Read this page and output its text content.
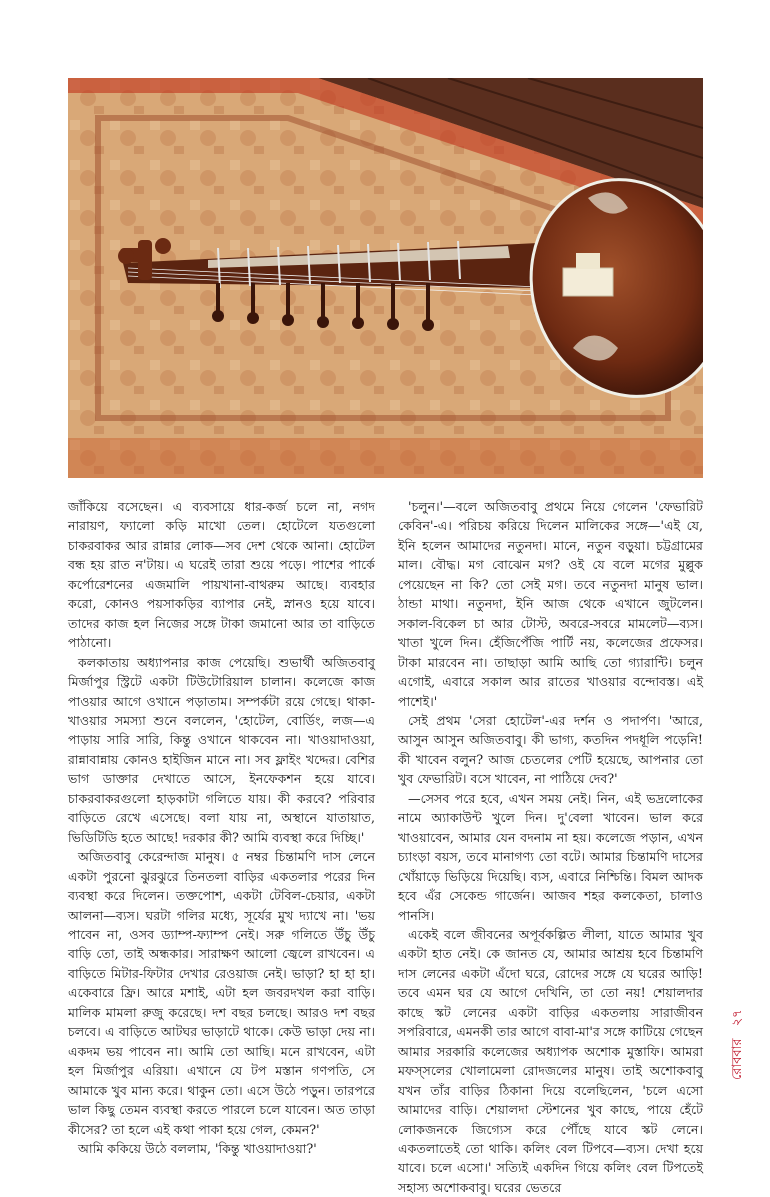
জাঁকিয়ে বসেছেন। এ ব্যবসায়ে ধার-কর্জ চলে না, নগদ নারায়ণ, ফ্যালো কড়ি মাখো তেল। হোটেলে যতগুলো চাকরবাকর আর রান্নার লোক—সব দেশ থেকে আনা। হোটেল বন্ধ হয় রাত ন'টায়। এ ঘরেই তারা শুয়ে পড়ে। পাশের পার্কে কর্পোরেশনের এজমালি পায়খানা-বাথরুম আছে। ব্যবহার করো, কোনও পয়সাকড়ির ব্যাপার নেই, স্নানও হয়ে যাবে। তাদের কাজ হল নিজের সঙ্গে টাকা জমানো আর তা বাড়িতে পাঠানো।

কলকাতায় অধ্যাপনার কাজ পেয়েছি। শুভার্থী অজিতবাবু মির্জাপুর স্ট্রিটে একটা টিউটোরিয়াল চালান। কলেজে কাজ পাওয়ার আগে ওখানে পড়াতাম। সম্পর্কটা রয়ে গেছে। থাকা-খাওয়ার সমস্যা শুনে বললেন, 'হোটেল, বোর্ডিং, লজ—এ পাড়ায় সারি সারি, কিন্তু ওখানে থাকবেন না। খাওয়াদাওয়া, রান্নাবান্নায় কোনও হাইজিন মানে না। সব ফ্লাইং খদ্দের। বেশির ভাগ ডাক্তার দেখাতে আসে, ইনফেকশন হয়ে যাবে। চাকরবাকরগুলো হাড়কাটা গলিতে যায়। কী করবে? পরিবার বাড়িতে রেখে এসেছে। বলা যায় না, অস্থানে যাতায়াত, ভিডিটিডি হতে আছে! দরকার কী? আমি ব্যবস্থা করে দিচ্ছি।'

অজিতবাবু কেরেন্দাজ মানুষ। ৫ নম্বর চিন্তামণি দাস লেনে একটা পুরনো ঝুরঝুরে তিনতলা বাড়ির একতলার পরের দিন ব্যবস্থা করে দিলেন। তক্তপোশ, একটা টেবিল-চেয়ার, একটা আলনা—ব্যস। ঘরটা গলির মধ্যে, সূর্যের মুখ দ্যাখে না। 'ভয় পাবেন না, ওসব ড্যাম্প-ফ্যাম্প নেই। সরু গলিতে উঁচু উঁচু বাড়ি তো, তাই অন্ধকার। সারাক্ষণ আলো জ্বেলে রাখবেন। এ বাড়িতে মিটার-ফিটার দেখার রেওয়াজ নেই। ভাড়া? হা হা হা। একেবারে ফ্রি। আরে মশাই, এটা হল জবরদখল করা বাড়ি। মালিক মামলা রুজু করেছে। দশ বছর চলছে। আরও দশ বছর চলবে। এ বাড়িতে আটঘর ভাড়াটে থাকে। কেউ ভাড়া দেয় না। একদম ভয় পাবেন না। আমি তো আছি। মনে রাখবেন, এটা হল মির্জাপুর এরিয়া। এখানে যে টপ মস্তান গণপতি, সে আমাকে খুব মান্য করে। থাকুন তো। এসে উঠে পড়ুন। তারপরে ভাল কিছু তেমন ব্যবস্থা করতে পারলে চলে যাবেন। অত তাড়া কীসের? তা হলে এই কথা পাকা হয়ে গেল, কেমন?'

আমি ককিয়ে উঠে বললাম, 'কিন্তু খাওয়াদাওয়া?'

'চলুন।'—বলে অজিতবাবু প্রথমে নিয়ে গেলেন 'ফেভারিট কেবিন'-এ। পরিচয় করিয়ে দিলেন মালিকের সঙ্গে—'এই যে, ইনি হলেন আমাদের নতুনদা। মানে, নতুন বড়ুয়া। চট্টগ্রামের মাল। বৌদ্ধ। মগ বোঝেন মগ? ওই যে বলে মগের মুল্লুক পেয়েছেন না কি? তো সেই মগ। তবে নতুনদা মানুষ ভাল। ঠান্ডা মাথা। নতুনদা, ইনি আজ থেকে এখানে জুটলেন। সকাল-বিকেল চা আর টোস্ট, অবরে-সবরে মামলেট—ব্যস। খাতা খুলে দিন। হেঁজিপেঁজি পার্টি নয়, কলেজের প্রফেসর। টাকা মারবেন না। তাছাড়া আমি আছি তো গ্যারান্টি। চলুন এগোই, এবারে সকাল আর রাতের খাওয়ার বন্দোবস্ত। এই পাশেই।'

সেই প্রথম 'সেরা হোটেল'-এর দর্শন ও পদার্পণ। 'আরে, আসুন আসুন অজিতবাবু। কী ভাগ্য, কতদিন পদধূলি পড়েনি! কী খাবেন বলুন? আজ চেতলের পেটি হয়েছে, আপনার তো খুব ফেভারিট। বসে খাবেন, না পাঠিয়ে দেব?'

—সেসব পরে হবে, এখন সময় নেই। নিন, এই ভদ্রলোকের নামে অ্যাকাউন্ট খুলে দিন। দু'বেলা খাবেন। ভাল করে খাওয়াবেন, আমার যেন বদনাম না হয়। কলেজে পড়ান, এখন চ্যাংড়া বয়স, তবে মানাগণ্য তো বটে। আমার চিন্তামণি দাসের খোঁয়াড়ে ভিড়িয়ে দিয়েছি। ব্যস, এবারে নিশ্চিন্তি। বিমল আদক হবে এঁর সেকেন্ড গার্জেন। আজব শহর কলকেতা, চালাও পানসি।

একেই বলে জীবনের অপূর্বকল্পিত লীলা, যাতে আমার খুব একটা হাত নেই। কে জানত যে, আমার আশ্রয় হবে চিন্তামণি দাস লেনের একটা এঁদো ঘরে, রোদের সঙ্গে যে ঘরের আড়ি! তবে এমন ঘর যে আগে দেখিনি, তা তো নয়! শেয়ালদার কাছে স্কট লেনের একটা বাড়ির একতলায় সারাজীবন সপরিবারে, এমনকী তার আগে বাবা-মা'র সঙ্গে কাটিয়ে গেছেন আমার সরকারি কলেজের অধ্যাপক অশোক মুস্তাফি। আমরা মফস্সলের খোলামেলা রোদজলের মানুষ। তাই অশোকবাবু যখন তাঁর বাড়ির ঠিকানা দিয়ে বলেছিলেন, 'চলে এসো আমাদের বাড়ি। শেয়ালদা স্টেশনের খুব কাছে, পায়ে হেঁটে লোকজনকে জিগ্যেস করে পৌঁছে যাবে স্কট লেনে। একতলাতেই তো থাকি। কলিং বেল টিপবে—ব্যস। দেখা হয়ে যাবে। চলে এসো।' সত্যিই একদিন গিয়ে কলিং বেল টিপতেই সহাস্য অশোকবাবু। ঘরের ভেতরে

রোববার ২৭
